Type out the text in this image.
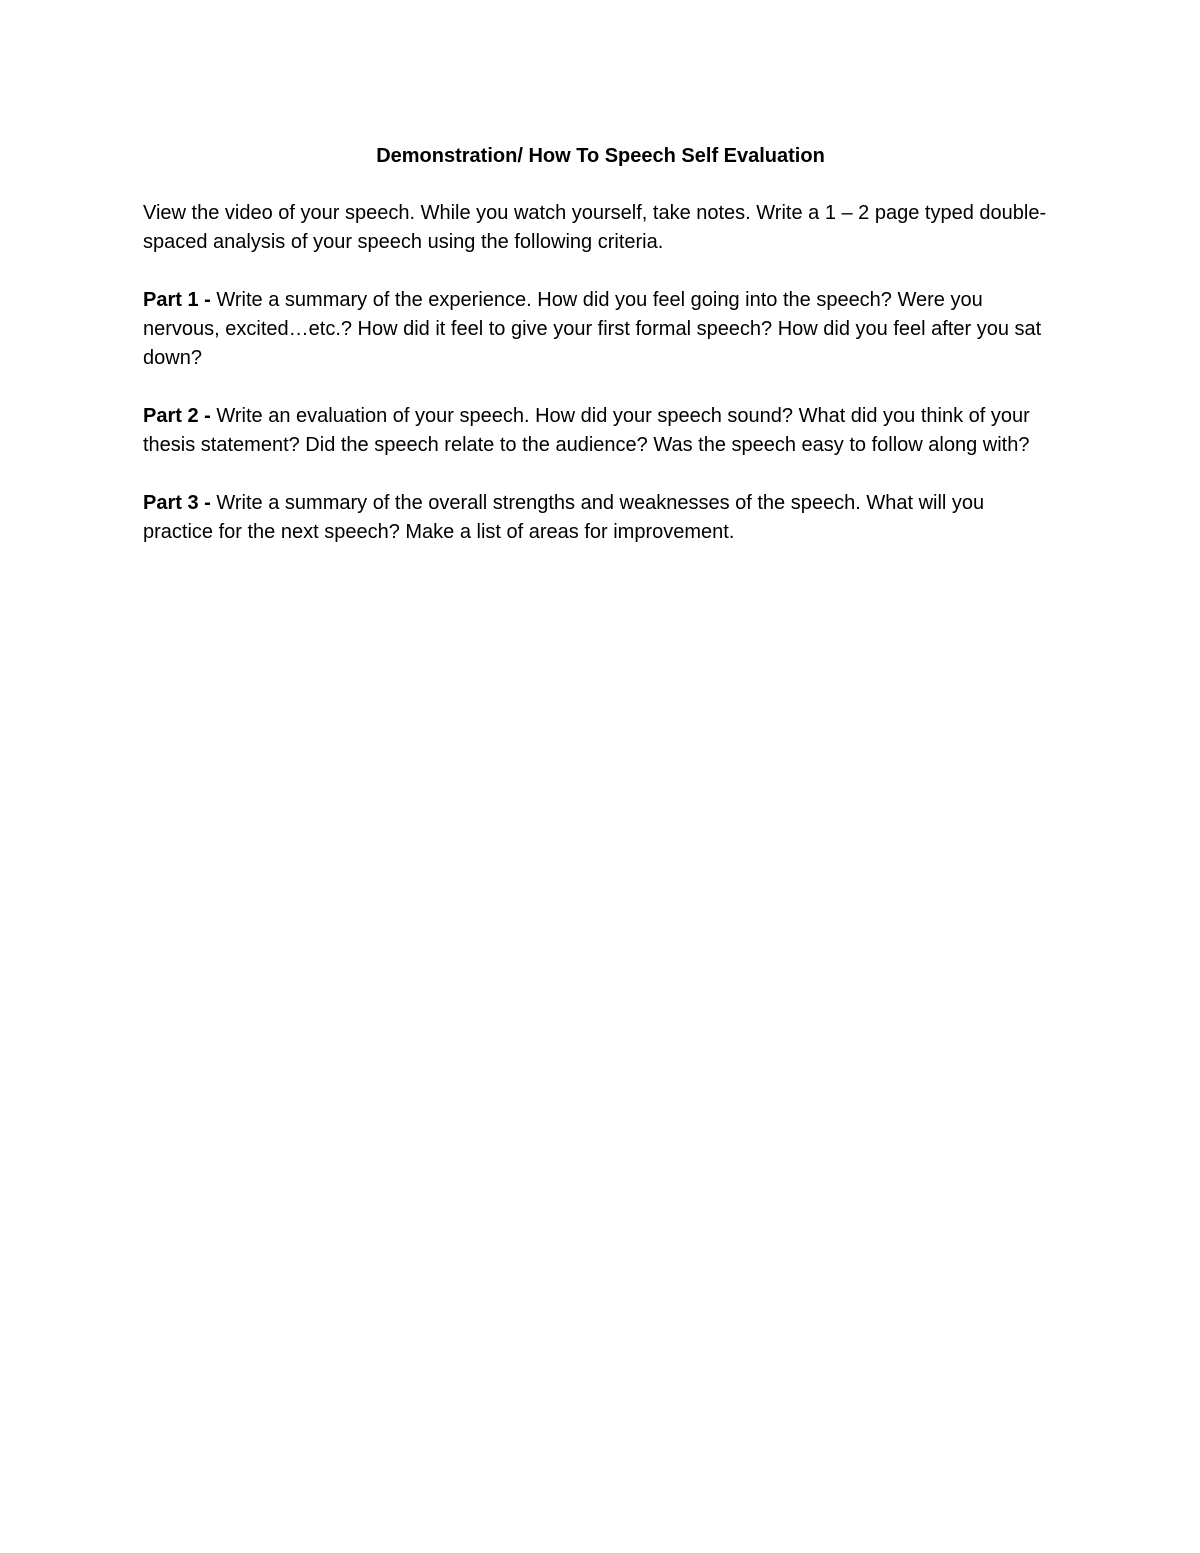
Demonstration/ How To Speech Self Evaluation

View the video of your speech. While you watch yourself, take notes. Write a 1 – 2 page typed double-spaced analysis of your speech using the following criteria.

Part 1 - Write a summary of the experience. How did you feel going into the speech? Were you nervous, excited…etc.? How did it feel to give your first formal speech? How did you feel after you sat down?

Part 2 - Write an evaluation of your speech. How did your speech sound? What did you think of your thesis statement? Did the speech relate to the audience? Was the speech easy to follow along with?

Part 3 - Write a summary of the overall strengths and weaknesses of the speech. What will you practice for the next speech? Make a list of areas for improvement.
